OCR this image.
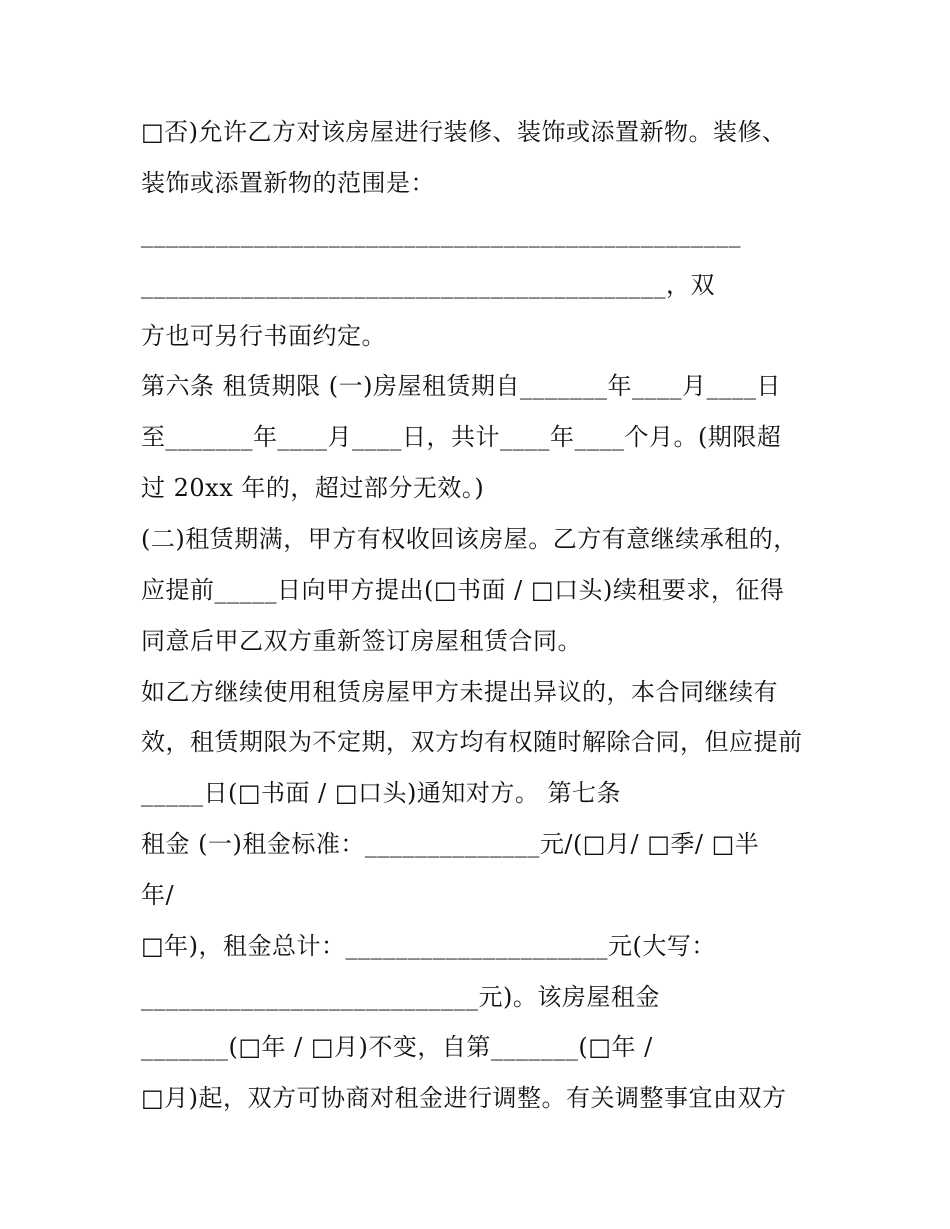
□否)允许乙方对该房屋进行装修、装饰或添置新物。装修、
装饰或添置新物的范围是：
________________________________________________
__________________________________________，双
方也可另行书面约定。
第六条 租赁期限 (一)房屋租赁期自_______年____月____日
至_______年____月____日，共计____年____个月。(期限超
过 20xx 年的，超过部分无效。)
(二)租赁期满，甲方有权收回该房屋。乙方有意继续承租的，
应提前_____日向甲方提出(□书面 / □口头)续租要求，征得
同意后甲乙双方重新签订房屋租赁合同。
如乙方继续使用租赁房屋甲方未提出异议的，本合同继续有
效，租赁期限为不定期，双方均有权随时解除合同，但应提前
_____日(□书面 / □口头)通知对方。 第七条
租金 (一)租金标准：______________元/(□月/ □季/ □半
年/
□年)，租金总计：_____________________元(大写：
___________________________元)。该房屋租金
_______(□年 / □月)不变，自第_______(□年 /
□月)起，双方可协商对租金进行调整。有关调整事宜由双方
